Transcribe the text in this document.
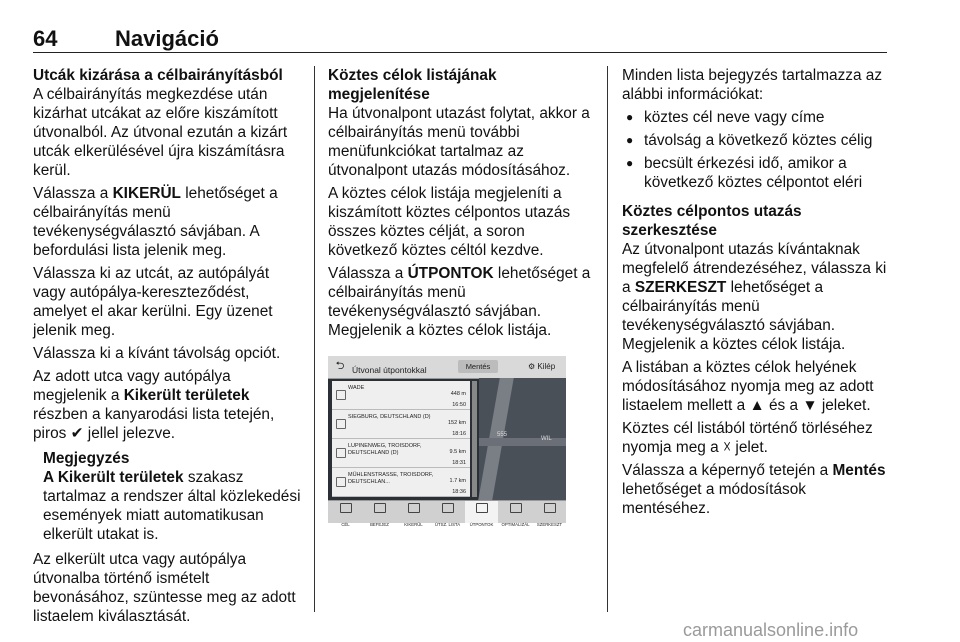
64	Navigáció
Utcák kizárása a célbairányításból

A célbairányítás megkezdése után kizárhat utcákat az előre kiszámított útvonalból. Az útvonal ezután a kizárt utcák elkerülésével újra kiszámításra kerül.

Válassza a KIKERÜL lehetőséget a célbairányítás menü tevékenységválasztó sávjában. A befordulási lista jelenik meg.

Válassza ki az utcát, az autópályát vagy autópálya-kereszteződést, amelyet el akar kerülni. Egy üzenet jelenik meg.

Válassza ki a kívánt távolság opciót.

Az adott utca vagy autópálya megjelenik a Kikerült területek részben a kanyarodási lista tetején, piros ✔ jellel jelezve.

Megjegyzés
A Kikerült területek szakasz tartalmaz a rendszer által közlekedési események miatt automatikusan elkerült utakat is.

Az elkerült utca vagy autópálya útvonalba történő ismételt bevonásához, szüntesse meg az adott listaelem kiválasztását.

Köztes célok listájának megjelenítése

Ha útvonalpont utazást folytat, akkor a célbairányítás menü további menüfunkciókat tartalmaz az útvonalpont utazás módosításához.

A köztes célok listája megjeleníti a kiszámított köztes célpontos utazás összes köztes célját, a soron következő köztes céltól kezdve.

Válassza a ÚTPONTOK lehetőséget a célbairányítás menü tevékenységválasztó sávjában. Megjelenik a köztes célok listája.

⮌ Útvonal útpontokkal	Mentés	⚙ Kilép
WADE
448 m
16:50
SIEGBURG, DEUTSCHLAND (D)
152 km
18:16
LUPINENWEG, TROISDORF, DEUTSCHLAND (D)	9.5 km
18:31
MÜHLENSTRASSE, TROISDORF, DEUTSCHLAN...	1.7 km
18:36
555
WIL
CÉL	BEFEJEZ	KIKERÜL	ÚTSZ. LISTA	ÚTPONTOK	OPTIMALIZÁL	SZERKESZT

Minden lista bejegyzés tartalmazza az alábbi információkat:

● köztes cél neve vagy címe
● távolság a következő köztes célig
● becsült érkezési idő, amikor a következő köztes célpontot eléri
Köztes célpontos utazás szerkesztése

Az útvonalpont utazás kívántaknak megfelelő átrendezéséhez, válassza ki a SZERKESZT lehetőséget a célbairányítás menü tevékenységválasztó sávjában. Megjelenik a köztes célok listája.

A listában a köztes célok helyének módosításához nyomja meg az adott listaelem mellett a ▲ és a ▼ jeleket.

Köztes cél listából történő törléséhez nyomja meg a ☓ jelet.

Válassza a képernyő tetején a Mentés lehetőséget a módosítások mentéséhez.

carmanualsonline.info
